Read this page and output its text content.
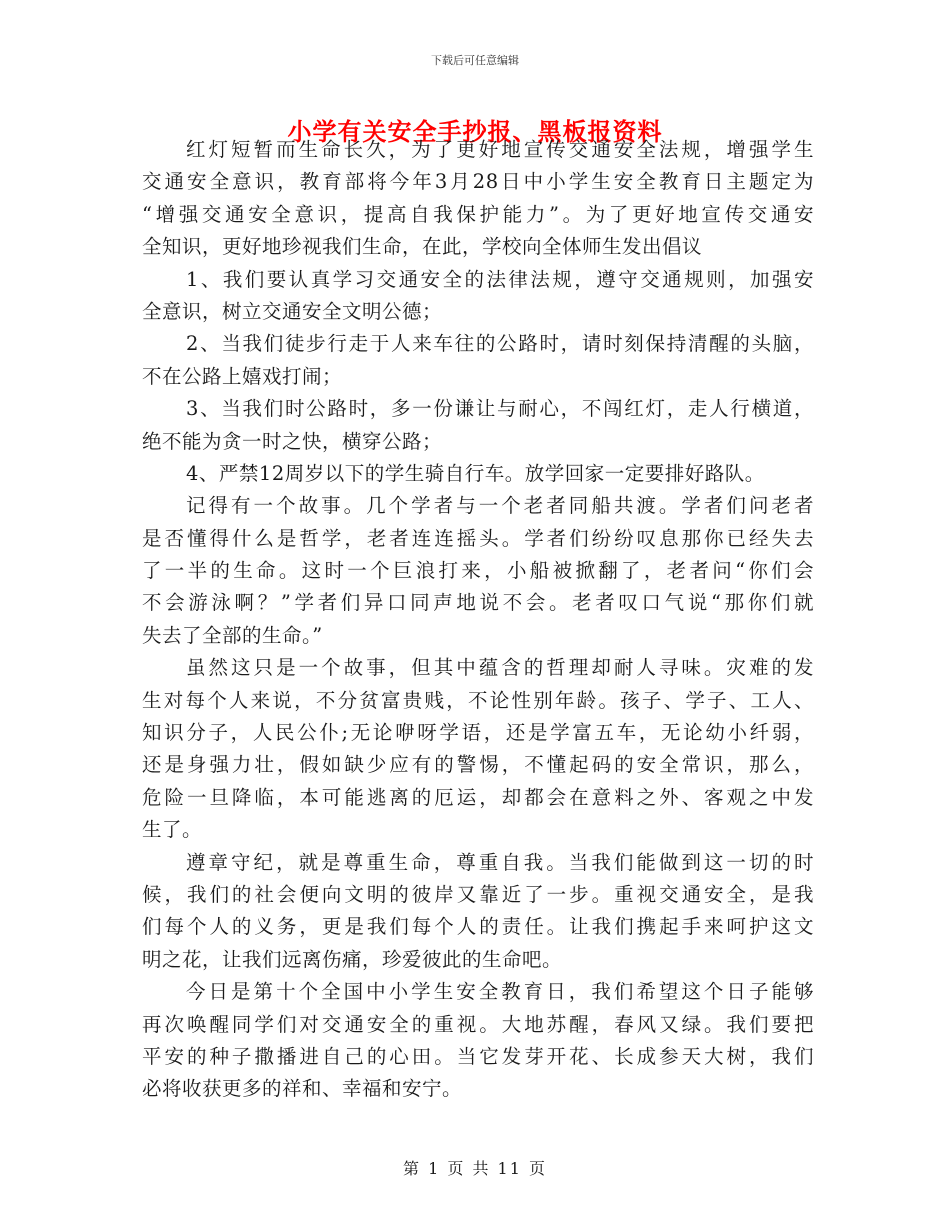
下载后可任意编辑
小学有关安全手抄报、黑板报资料
红灯短暂而生命长久，为了更好地宣传交通安全法规，增强学生
交通安全意识，教育部将今年3月28日中小学生安全教育日主题定为
“增强交通安全意识，提高自我保护能力”。为了更好地宣传交通安
全知识，更好地珍视我们生命，在此，学校向全体师生发出倡议
1、我们要认真学习交通安全的法律法规，遵守交通规则，加强安
全意识，树立交通安全文明公德；
2、当我们徒步行走于人来车往的公路时，请时刻保持清醒的头脑，
不在公路上嬉戏打闹；
3、当我们时公路时，多一份谦让与耐心，不闯红灯，走人行横道，
绝不能为贪一时之快，横穿公路；
4、严禁12周岁以下的学生骑自行车。放学回家一定要排好路队。
记得有一个故事。几个学者与一个老者同船共渡。学者们问老者
是否懂得什么是哲学，老者连连摇头。学者们纷纷叹息那你已经失去
了一半的生命。这时一个巨浪打来，小船被掀翻了，老者问“你们会
不会游泳啊？”学者们异口同声地说不会。老者叹口气说“那你们就
失去了全部的生命。”
虽然这只是一个故事，但其中蕴含的哲理却耐人寻味。灾难的发
生对每个人来说，不分贫富贵贱，不论性别年龄。孩子、学子、工人、
知识分子，人民公仆;无论咿呀学语，还是学富五车，无论幼小纤弱，
还是身强力壮，假如缺少应有的警惕，不懂起码的安全常识，那么，
危险一旦降临，本可能逃离的厄运，却都会在意料之外、客观之中发
生了。
遵章守纪，就是尊重生命，尊重自我。当我们能做到这一切的时
候，我们的社会便向文明的彼岸又靠近了一步。重视交通安全，是我
们每个人的义务，更是我们每个人的责任。让我们携起手来呵护这文
明之花，让我们远离伤痛，珍爱彼此的生命吧。
今日是第十个全国中小学生安全教育日，我们希望这个日子能够
再次唤醒同学们对交通安全的重视。大地苏醒，春风又绿。我们要把
平安的种子撒播进自己的心田。当它发芽开花、长成参天大树，我们
必将收获更多的祥和、幸福和安宁。
第 1 页 共 11 页
